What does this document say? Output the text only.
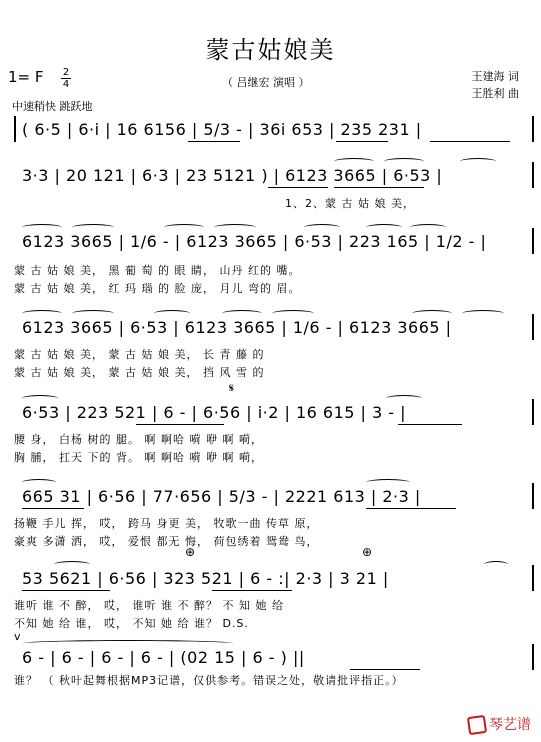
蒙古姑娘美
1= F 2
4	（ 吕继宏 演唱 ）	王建海 词
王胜利 曲
中速稍快 跳跃地
( 6·5 | 6·i | 16 6156 | 5/3 - | 36i 653 | 235 231 |
3·3 | 20 121 | 6·3 | 23 5121 ) | 6123 3665 | 6·53 |
1、2、蒙 古 姑 娘 美，
6123 3665 | 1/6 - | 6123 3665 | 6·53 | 223 165 | 1/2 - |
蒙 古 姑 娘 美， 黑 葡 萄 的 眼 睛， 山丹 红的 嘴。
蒙 古 姑 娘 美， 红 玛 瑙 的 脸 庞， 月儿 弯的 眉。
6123 3665 | 6·53 | 6123 3665 | 1/6 - | 6123 3665 |
蒙 古 姑 娘 美， 蒙 古 姑 娘 美， 长 青 藤 的
蒙 古 姑 娘 美， 蒙 古 姑 娘 美， 挡 风 雪 的
𝄋
6·53 | 223 521 | 6 - | 6·56 | i·2 | 16 615 | 3 - |
腰 身， 白杨 树的 腿。 啊 啊哈 嗬 咿 啊 嗬，
胸 脯， 扛天 下的 背。 啊 啊哈 嗬 咿 啊 嗬，
665 31 | 6·56 | 77·656 | 5/3 - | 2221 613 | 2·3 |
扬鞭 手儿 挥， 哎， 跨马 身更 美， 牧歌一曲 传草 原，
豪爽 多潇 洒， 哎， 爱恨 都无 悔， 荷包绣着 鸳鸯 鸟，
⊕	⊕
53 5621 | 6·56 | 323 521 | 6 - :| 2·3 | 3 21 |
谁听 谁 不 醉， 哎， 谁听 谁 不 醉？ 不 知 她 给
不知 她 给 谁， 哎， 不知 她 给 谁？ D.S.
v
6 - | 6 - | 6 - | 6 - | (02 15 | 6 - ) ||
谁？ （ 秋叶起舞根据MP3记谱，仅供参考。错误之处，敬请批评指正。）
琴艺谱
